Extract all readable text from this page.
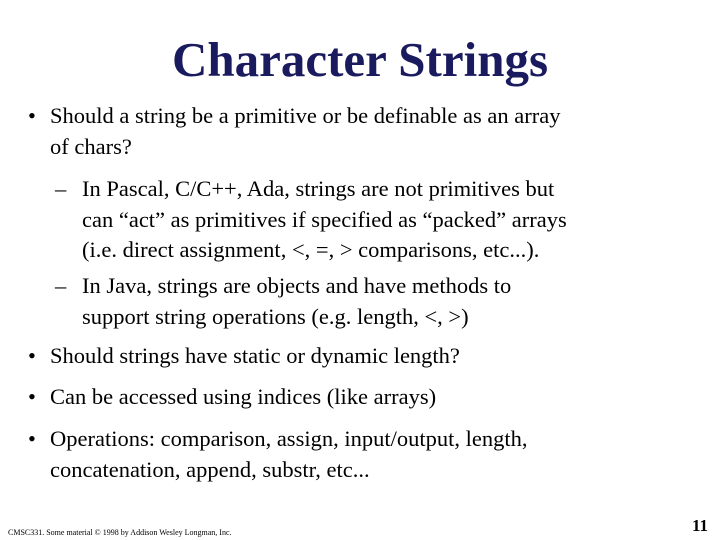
Character Strings
• Should a string be a primitive or be definable as an array
of chars?
– In Pascal, C/C++, Ada, strings are not primitives but
can “act” as primitives if specified as “packed” arrays
(i.e. direct assignment, <, =, > comparisons, etc...).
– In Java, strings are objects and have methods to
support string operations (e.g. length, <, >)
• Should strings have static or dynamic length?
• Can be accessed using indices (like arrays)
• Operations: comparison, assign, input/output, length,
concatenation, append, substr, etc...
CMSC331. Some material © 1998 by Addison Wesley Longman, Inc.	11
